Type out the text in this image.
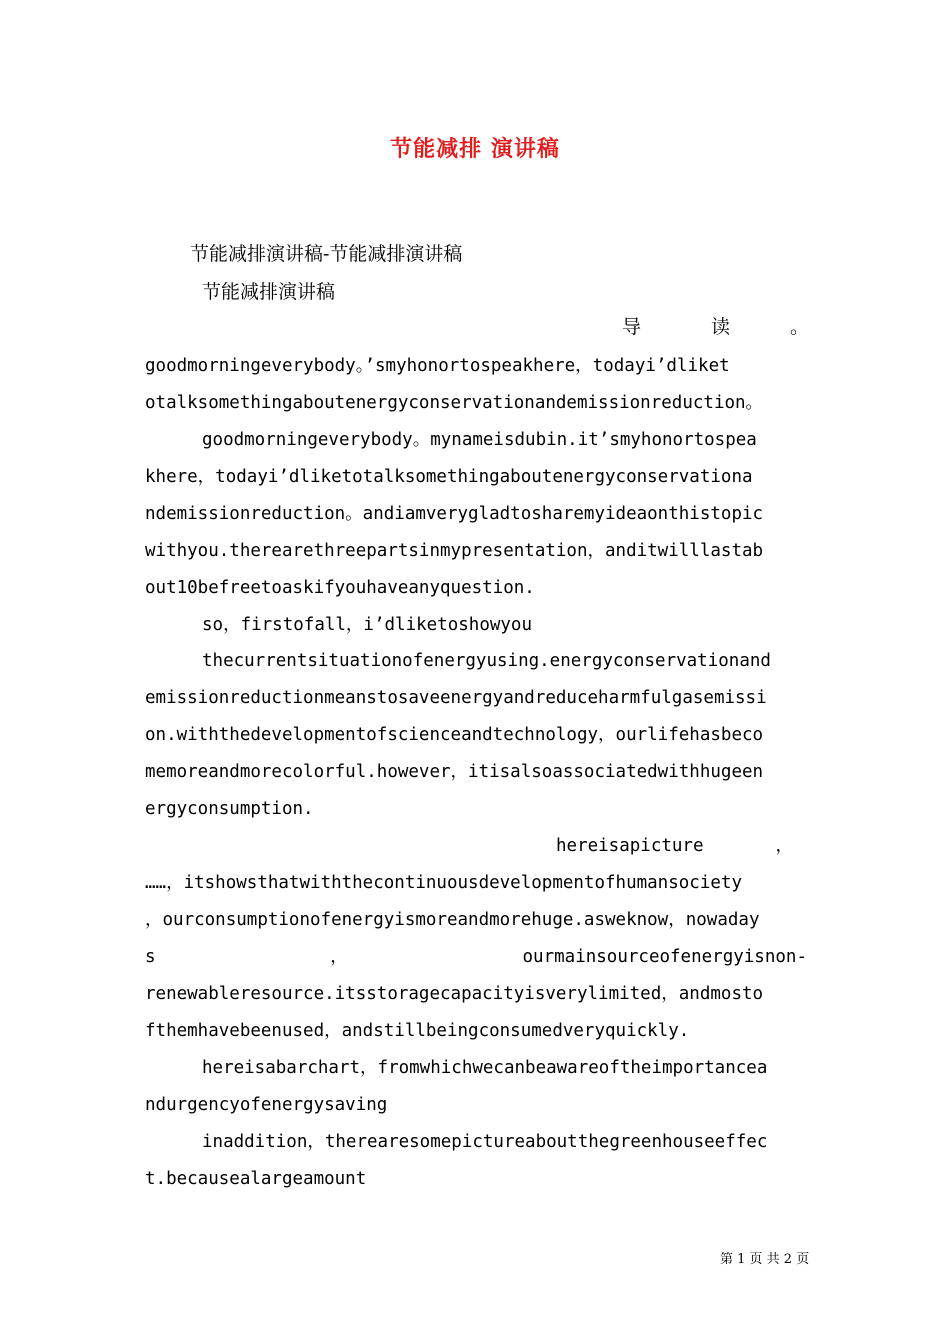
节能减排 演讲稿
节能减排演讲稿-节能减排演讲稿
节能减排演讲稿
导	读	。
goodmorningeverybody。’smyhonortospeakhere，todayi’dliket
otalksomethingaboutenergyconservationandemissionreduction。
goodmorningeverybody。mynameisdubin.it’smyhonortospea
khere，todayi’dliketotalksomethingaboutenergyconservationa
ndemissionreduction。andiamverygladtosharemyideaonthistopic
withyou.therearethreepartsinmypresentation，anditwilllastab
out10befreetoaskifyouhaveanyquestion.
so，firstofall，i’dliketoshowyou
thecurrentsituationofenergyusing.energyconservationand
emissionreductionmeanstosaveenergyandreduceharmfulgasemissi
on.withthedevelopmentofscienceandtechnology，ourlifehasbeco
memoreandmorecolorful.however，itisalsoassociatedwithhugeen
ergyconsumption.
hereisapicture	，
……，itshowsthatwiththecontinuousdevelopmentofhumansociety
，ourconsumptionofenergyismoreandmorehuge.asweknow，nowaday
s	，	ourmainsourceofenergyisnon-
renewableresource.itsstoragecapacityisverylimited，andmosto
fthemhavebeenused，andstillbeingconsumedveryquickly.
hereisabarchart，fromwhichwecanbeawareoftheimportancea
ndurgencyofenergysaving
inaddition，therearesomepictureaboutthegreenhouseeffec
t.becausealargeamount
第 1 页 共 2 页
